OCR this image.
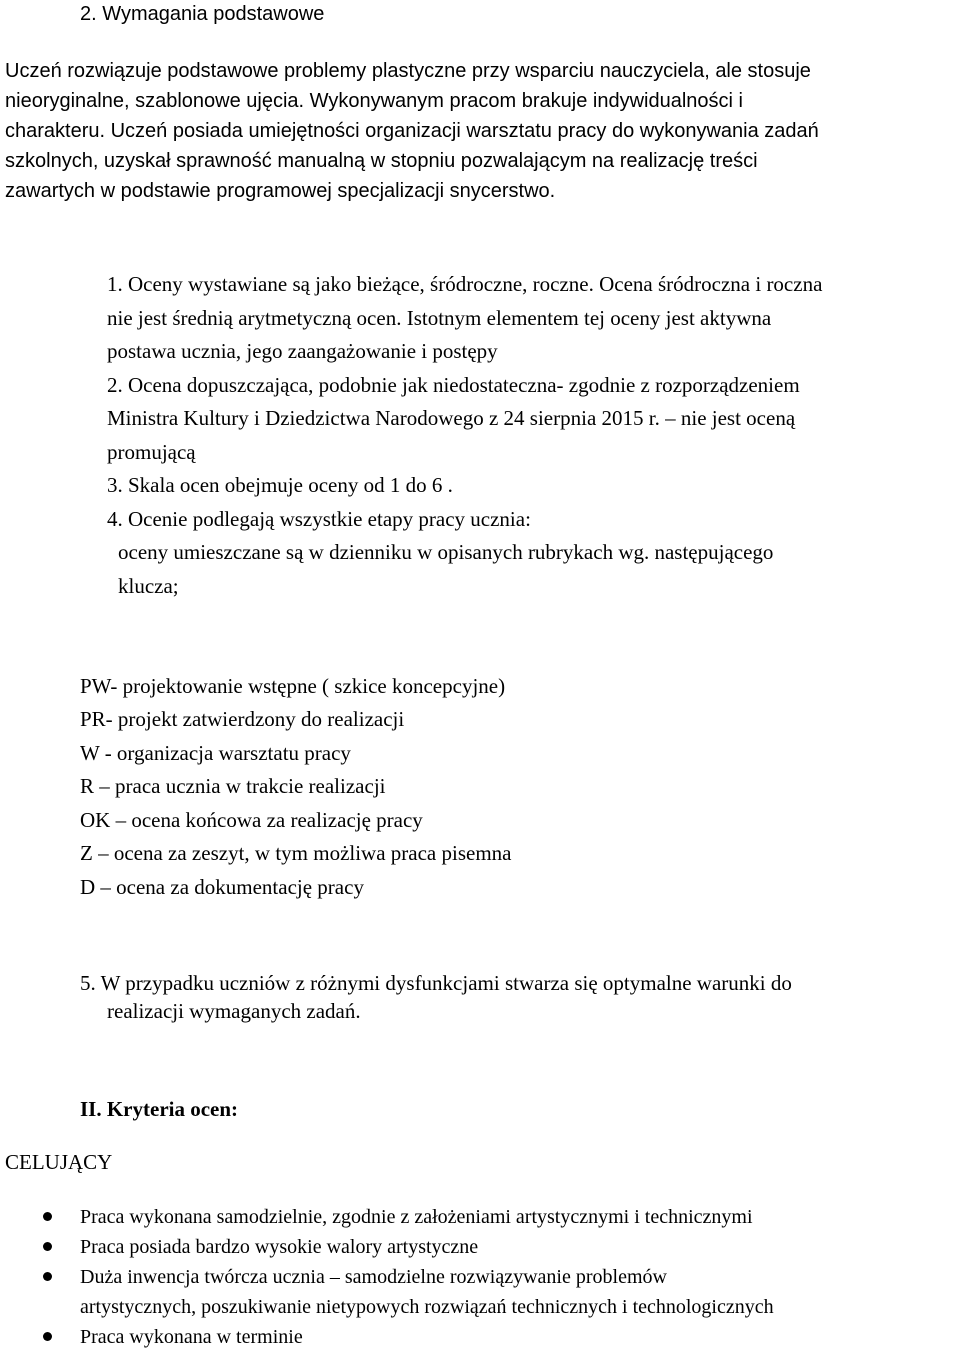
2. Wymagania podstawowe
Uczeń rozwiązuje podstawowe problemy plastyczne przy wsparciu nauczyciela, ale stosuje
nieoryginalne, szablonowe ujęcia. Wykonywanym pracom brakuje indywidualności i
charakteru. Uczeń posiada umiejętności organizacji warsztatu pracy do wykonywania zadań
szkolnych, uzyskał sprawność manualną w stopniu pozwalającym na realizację treści
zawartych w podstawie programowej specjalizacji snycerstwo.
1. Oceny wystawiane są jako bieżące, śródroczne, roczne. Ocena śródroczna i roczna
nie jest średnią arytmetyczną ocen. Istotnym elementem tej oceny jest aktywna
postawa ucznia, jego zaangażowanie i postępy
2. Ocena dopuszczająca, podobnie jak niedostateczna- zgodnie z rozporządzeniem
Ministra Kultury i Dziedzictwa Narodowego z 24 sierpnia 2015 r. – nie jest oceną
promującą
3. Skala ocen obejmuje oceny od 1 do 6 .
4. Ocenie podlegają wszystkie etapy pracy ucznia:
oceny umieszczane są w dzienniku w opisanych rubrykach wg. następującego
klucza;
PW- projektowanie wstępne ( szkice koncepcyjne)
PR- projekt zatwierdzony do realizacji
W - organizacja warsztatu pracy
R – praca ucznia w trakcie realizacji
OK – ocena końcowa za realizację pracy
Z – ocena za zeszyt, w tym możliwa praca pisemna
D – ocena za dokumentację pracy
5. W przypadku uczniów z różnymi dysfunkcjami stwarza się optymalne warunki do
realizacji wymaganych zadań.
II. Kryteria ocen:
CELUJĄCY
Praca wykonana samodzielnie, zgodnie z założeniami artystycznymi i technicznymi
Praca posiada bardzo wysokie walory artystyczne
Duża inwencja twórcza ucznia – samodzielne rozwiązywanie problemów
artystycznych, poszukiwanie nietypowych rozwiązań technicznych i technologicznych
Praca wykonana w terminie
